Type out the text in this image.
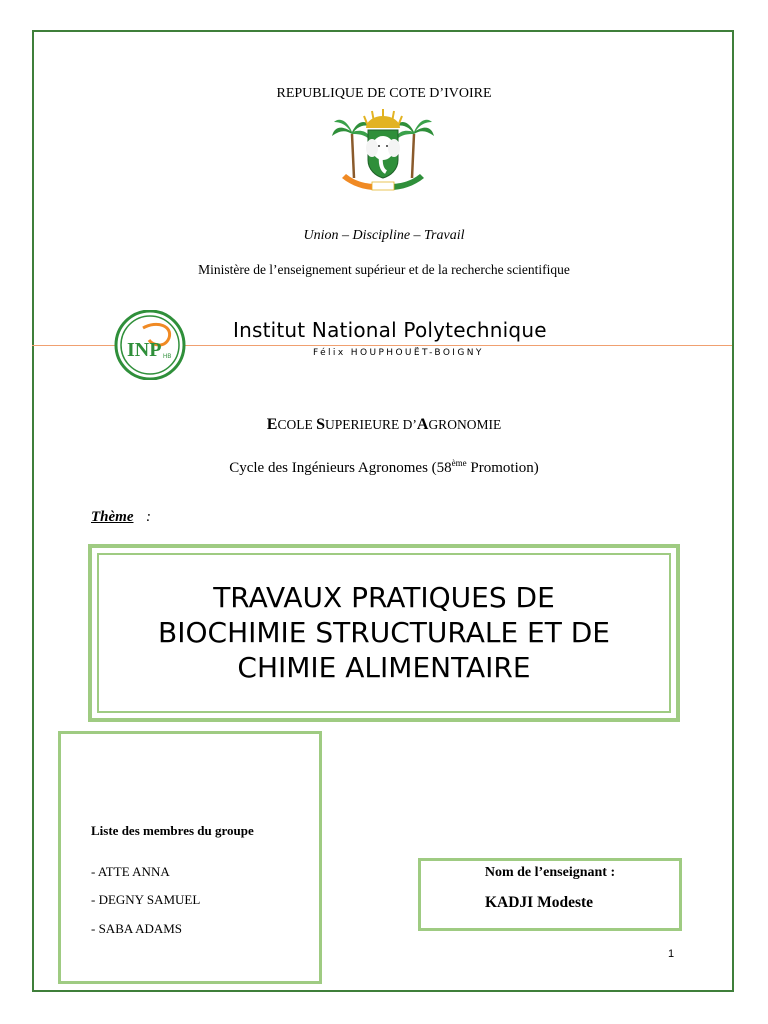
REPUBLIQUE DE COTE D’IVOIRE
Union – Discipline – Travail
Ministère de l’enseignement supérieur et de la recherche scientifique
INP HB
Institut National Polytechnique
Félix HOUPHOUËT-BOIGNY
ECOLE SUPERIEURE D’AGRONOMIE
Cycle des Ingénieurs Agronomes (58ème Promotion)
Thème :
TRAVAUX PRATIQUES DE
BIOCHIMIE STRUCTURALE ET DE
CHIMIE ALIMENTAIRE
Liste des membres du groupe
- ATTE ANNA
- DEGNY SAMUEL
- SABA ADAMS
Nom de l’enseignant :
KADJI Modeste
1
